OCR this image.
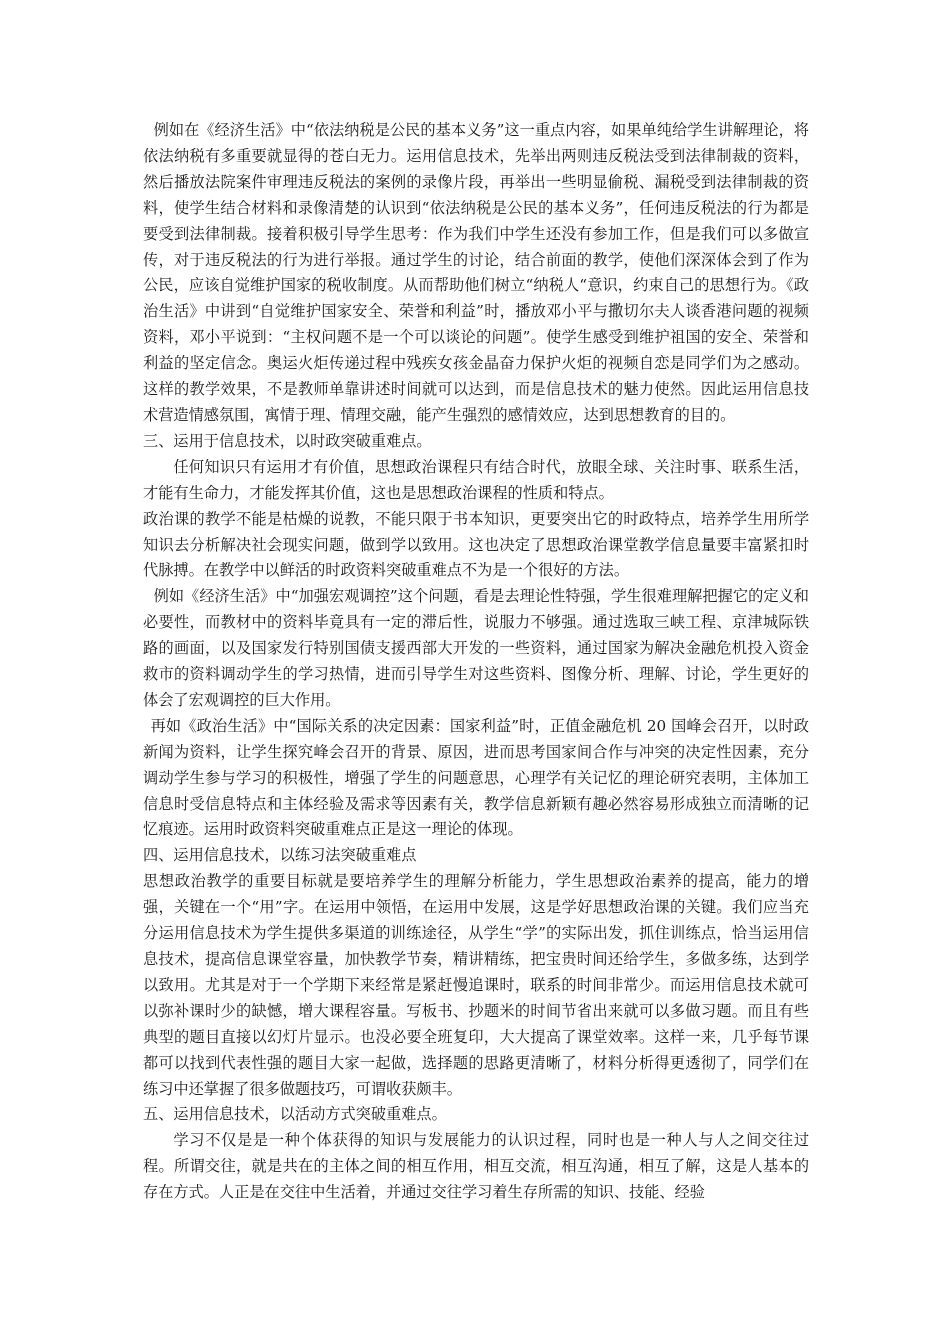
例如在《经济生活》中“依法纳税是公民的基本义务”这一重点内容，如果单纯给学生讲解理论，将依法纳税有多重要就显得的苍白无力。运用信息技术，先举出两则违反税法受到法律制裁的资料，然后播放法院案件审理违反税法的案例的录像片段，再举出一些明显偷税、漏税受到法律制裁的资料，使学生结合材料和录像清楚的认识到“依法纳税是公民的基本义务”，任何违反税法的行为都是要受到法律制裁。接着积极引导学生思考：作为我们中学生还没有参加工作，但是我们可以多做宣传，对于违反税法的行为进行举报。通过学生的讨论，结合前面的教学，使他们深深体会到了作为公民，应该自觉维护国家的税收制度。从而帮助他们树立“纳税人“意识，约束自己的思想行为。《政治生活》中讲到“自觉维护国家安全、荣誉和利益”时，播放邓小平与撒切尔夫人谈香港问题的视频资料，邓小平说到：“主权问题不是一个可以谈论的问题”。使学生感受到维护祖国的安全、荣誉和利益的坚定信念。奥运火炬传递过程中残疾女孩金晶奋力保护火炬的视频自恋是同学们为之感动。这样的教学效果，不是教师单靠讲述时间就可以达到，而是信息技术的魅力使然。因此运用信息技术营造情感氛围，寓情于理、情理交融，能产生强烈的感情效应，达到思想教育的目的。

三、运用于信息技术，以时政突破重难点。

任何知识只有运用才有价值，思想政治课程只有结合时代，放眼全球、关注时事、联系生活，才能有生命力，才能发挥其价值，这也是思想政治课程的性质和特点。

政治课的教学不能是枯燥的说教，不能只限于书本知识，更要突出它的时政特点，培养学生用所学知识去分析解决社会现实问题，做到学以致用。这也决定了思想政治课堂教学信息量要丰富紧扣时代脉搏。在教学中以鲜活的时政资料突破重难点不为是一个很好的方法。

例如《经济生活》中“加强宏观调控”这个问题，看是去理论性特强，学生很难理解把握它的定义和必要性，而教材中的资料毕竟具有一定的滞后性，说服力不够强。通过选取三峡工程、京津城际铁路的画面，以及国家发行特别国债支援西部大开发的一些资料，通过国家为解决金融危机投入资金救市的资料调动学生的学习热情，进而引导学生对这些资料、图像分析、理解、讨论，学生更好的体会了宏观调控的巨大作用。

再如《政治生活》中“国际关系的决定因素：国家利益”时，正值金融危机 20 国峰会召开，以时政新闻为资料，让学生探究峰会召开的背景、原因，进而思考国家间合作与冲突的决定性因素，充分调动学生参与学习的积极性，增强了学生的问题意思，心理学有关记忆的理论研究表明，主体加工信息时受信息特点和主体经验及需求等因素有关，教学信息新颖有趣必然容易形成独立而清晰的记忆痕迹。运用时政资料突破重难点正是这一理论的体现。

四、运用信息技术，以练习法突破重难点

思想政治教学的重要目标就是要培养学生的理解分析能力，学生思想政治素养的提高，能力的增强，关键在一个“用”字。在运用中领悟，在运用中发展，这是学好思想政治课的关键。我们应当充分运用信息技术为学生提供多渠道的训练途径，从学生“学”的实际出发，抓住训练点，恰当运用信息技术，提高信息课堂容量，加快教学节奏，精讲精练，把宝贵时间还给学生，多做多练，达到学以致用。尤其是对于一个学期下来经常是紧赶慢追课时，联系的时间非常少。而运用信息技术就可以弥补课时少的缺憾，增大课程容量。写板书、抄题米的时间节省出来就可以多做习题。而且有些典型的题目直接以幻灯片显示。也没必要全班复印，大大提高了课堂效率。这样一来，几乎每节课都可以找到代表性强的题目大家一起做，选择题的思路更清晰了，材料分析得更透彻了，同学们在练习中还掌握了很多做题技巧，可谓收获颇丰。

五、运用信息技术，以活动方式突破重难点。

学习不仅是是一种个体获得的知识与发展能力的认识过程，同时也是一种人与人之间交往过程。所谓交往，就是共在的主体之间的相互作用，相互交流，相互沟通，相互了解，这是人基本的存在方式。人正是在交往中生活着，并通过交往学习着生存所需的知识、技能、经验
